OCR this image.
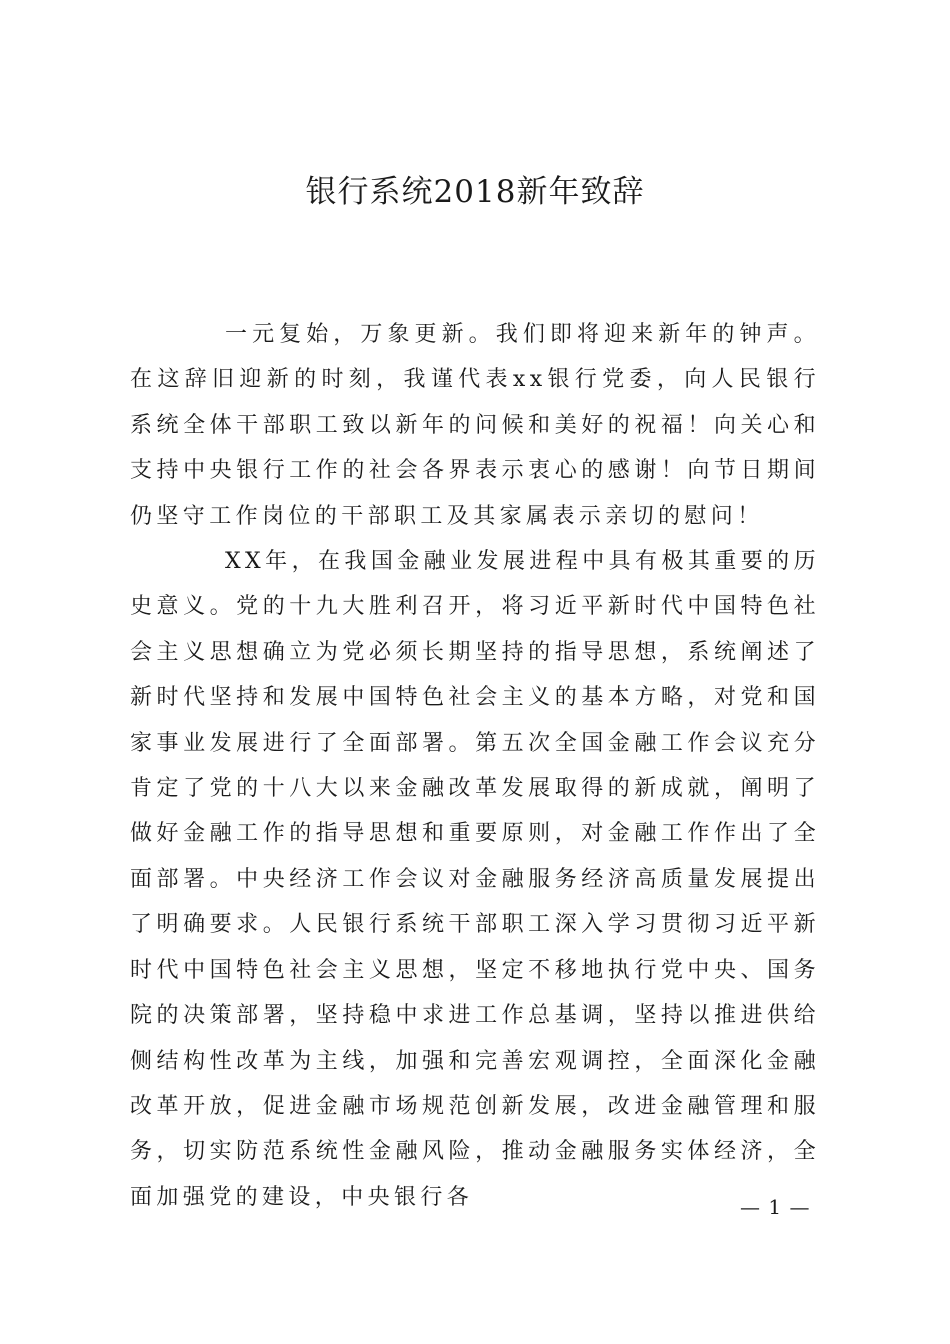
银行系统2018新年致辞

一元复始，万象更新。我们即将迎来新年的钟声。在这辞旧迎新的时刻，我谨代表xx银行党委，向人民银行系统全体干部职工致以新年的问候和美好的祝福！向关心和支持中央银行工作的社会各界表示衷心的感谢！向节日期间仍坚守工作岗位的干部职工及其家属表示亲切的慰问！

XX年，在我国金融业发展进程中具有极其重要的历史意义。党的十九大胜利召开，将习近平新时代中国特色社会主义思想确立为党必须长期坚持的指导思想，系统阐述了新时代坚持和发展中国特色社会主义的基本方略，对党和国家事业发展进行了全面部署。第五次全国金融工作会议充分肯定了党的十八大以来金融改革发展取得的新成就，阐明了做好金融工作的指导思想和重要原则，对金融工作作出了全面部署。中央经济工作会议对金融服务经济高质量发展提出了明确要求。人民银行系统干部职工深入学习贯彻习近平新时代中国特色社会主义思想，坚定不移地执行党中央、国务院的决策部署，坚持稳中求进工作总基调，坚持以推进供给侧结构性改革为主线，加强和完善宏观调控，全面深化金融改革开放，促进金融市场规范创新发展，改进金融管理和服务，切实防范系统性金融风险，推动金融服务实体经济，全面加强党的建设，中央银行各	— 1 —
